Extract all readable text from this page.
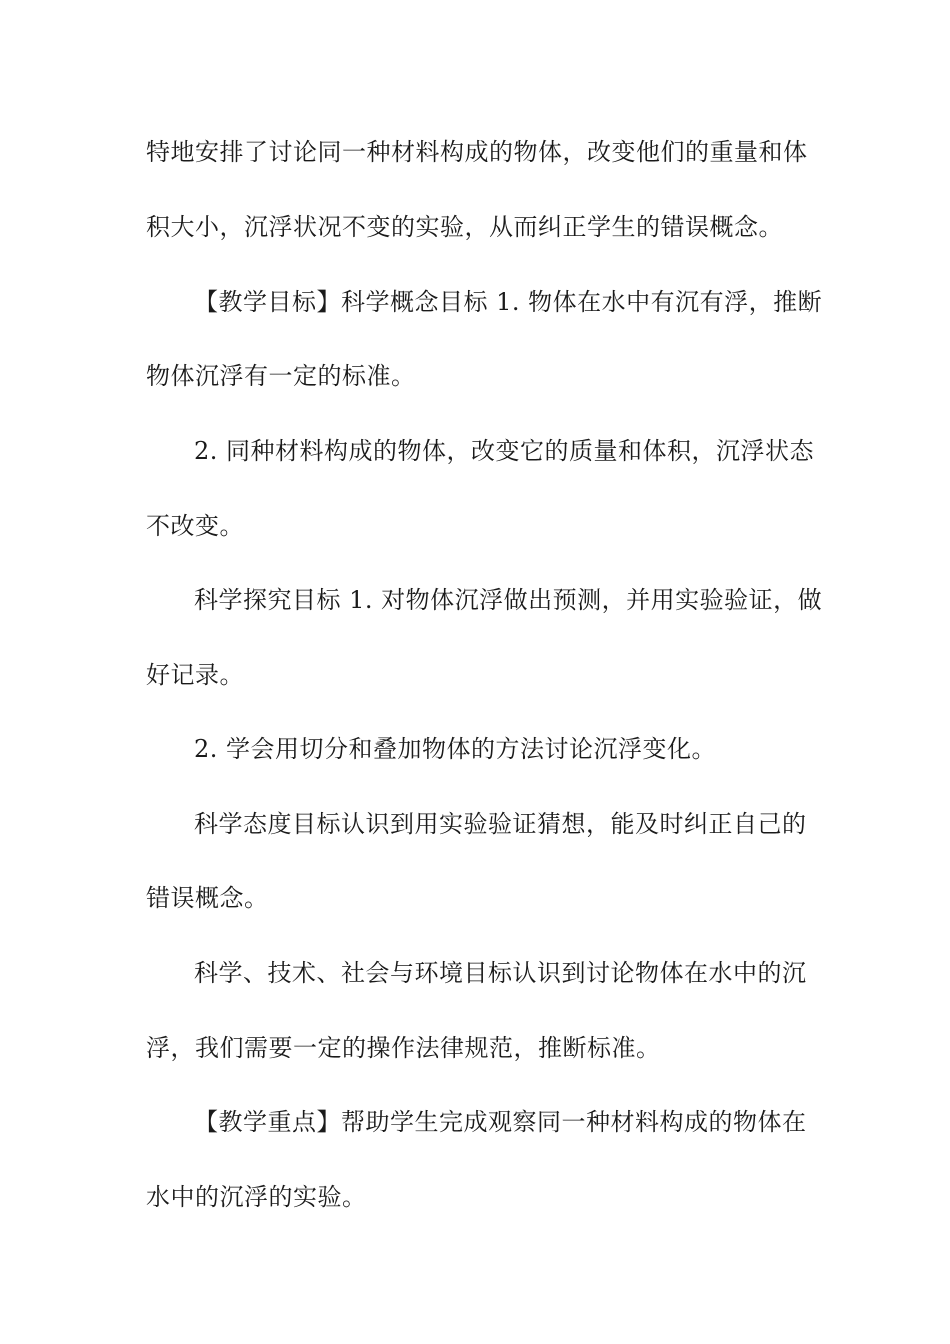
特地安排了讨论同一种材料构成的物体，改变他们的重量和体
积大小，沉浮状况不变的实验，从而纠正学生的错误概念。
【教学目标】科学概念目标 1. 物体在水中有沉有浮，推断
物体沉浮有一定的标准。
2. 同种材料构成的物体，改变它的质量和体积，沉浮状态
不改变。
科学探究目标 1. 对物体沉浮做出预测，并用实验验证，做
好记录。
2. 学会用切分和叠加物体的方法讨论沉浮变化。
科学态度目标认识到用实验验证猜想，能及时纠正自己的
错误概念。
科学、技术、社会与环境目标认识到讨论物体在水中的沉
浮，我们需要一定的操作法律规范，推断标准。
【教学重点】帮助学生完成观察同一种材料构成的物体在
水中的沉浮的实验。
